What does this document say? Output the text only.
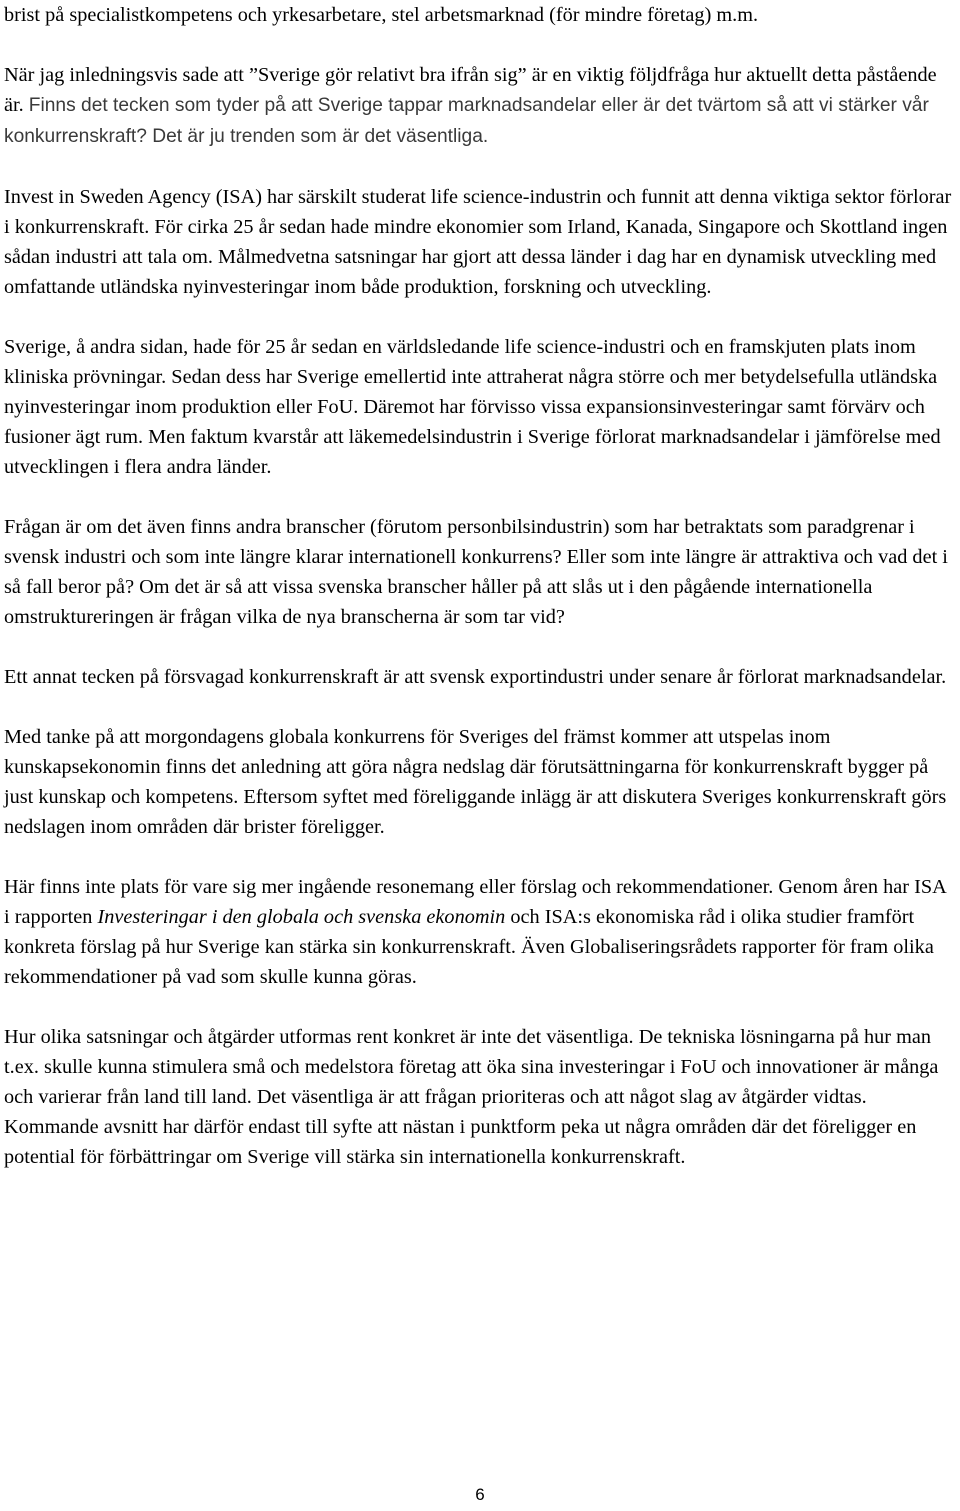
brist på specialistkompetens och yrkesarbetare, stel arbetsmarknad (för mindre företag) m.m.

När jag inledningsvis sade att ”Sverige gör relativt bra ifrån sig” är en viktig följdfråga hur aktuellt detta påstående är. Finns det tecken som tyder på att Sverige tappar marknadsandelar eller är det tvärtom så att vi stärker vår konkurrenskraft? Det är ju trenden som är det väsentliga.

Invest in Sweden Agency (ISA) har särskilt studerat life science-industrin och funnit att denna viktiga sektor förlorar i konkurrenskraft. För cirka 25 år sedan hade mindre ekonomier som Irland, Kanada, Singapore och Skottland ingen sådan industri att tala om. Målmedvetna satsningar har gjort att dessa länder i dag har en dynamisk utveckling med omfattande utländska nyinvesteringar inom både produktion, forskning och utveckling.

Sverige, å andra sidan, hade för 25 år sedan en världsledande life science-industri och en framskjuten plats inom kliniska prövningar. Sedan dess har Sverige emellertid inte attraherat några större och mer betydelsefulla utländska nyinvesteringar inom produktion eller FoU. Däremot har förvisso vissa expansionsinvesteringar samt förvärv och fusioner ägt rum. Men faktum kvarstår att läkemedelsindustrin i Sverige förlorat marknadsandelar i jämförelse med utvecklingen i flera andra länder.

Frågan är om det även finns andra branscher (förutom personbilsindustrin) som har betraktats som paradgrenar i svensk industri och som inte längre klarar internationell konkurrens? Eller som inte längre är attraktiva och vad det i så fall beror på? Om det är så att vissa svenska branscher håller på att slås ut i den pågående internationella omstruktureringen är frågan vilka de nya branscherna är som tar vid?

Ett annat tecken på försvagad konkurrenskraft är att svensk exportindustri under senare år förlorat marknadsandelar.

Med tanke på att morgondagens globala konkurrens för Sveriges del främst kommer att utspelas inom kunskapsekonomin finns det anledning att göra några nedslag där förutsättningarna för konkurrenskraft bygger på just kunskap och kompetens. Eftersom syftet med föreliggande inlägg är att diskutera Sveriges konkurrenskraft görs nedslagen inom områden där brister föreligger.

Här finns inte plats för vare sig mer ingående resonemang eller förslag och rekommendationer. Genom åren har ISA i rapporten Investeringar i den globala och svenska ekonomin och ISA:s ekonomiska råd i olika studier framfört konkreta förslag på hur Sverige kan stärka sin konkurrenskraft. Även Globaliseringsrådets rapporter för fram olika rekommendationer på vad som skulle kunna göras.

Hur olika satsningar och åtgärder utformas rent konkret är inte det väsentliga. De tekniska lösningarna på hur man t.ex. skulle kunna stimulera små och medelstora företag att öka sina investeringar i FoU och innovationer är många och varierar från land till land. Det väsentliga är att frågan prioriteras och att något slag av åtgärder vidtas. Kommande avsnitt har därför endast till syfte att nästan i punktform peka ut några områden där det föreligger en potential för förbättringar om Sverige vill stärka sin internationella konkurrenskraft.

6
